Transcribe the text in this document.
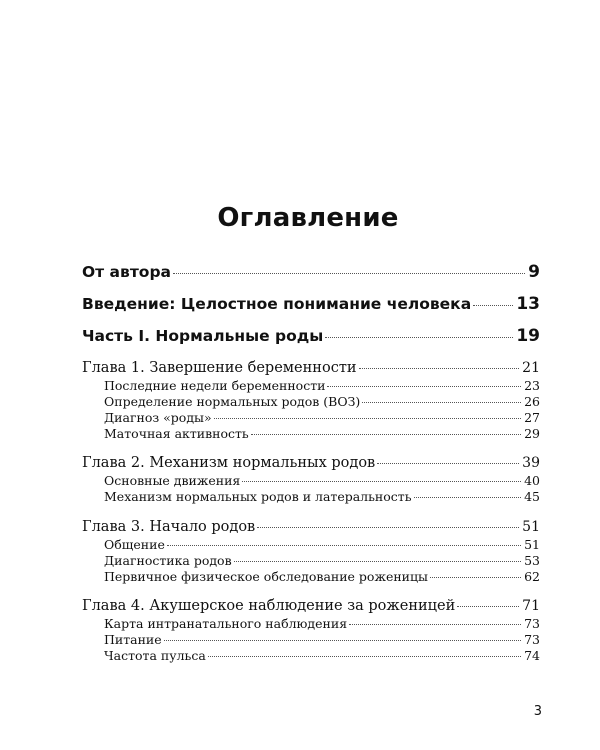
Оглавление
От автора	9
Введение: Целостное понимание человека	13
Часть I. Нормальные роды	19
Глава 1. Завершение беременности	21
Последние недели беременности	23
Определение нормальных родов (ВОЗ)	26
Диагноз «роды»	27
Маточная активность	29
Глава 2. Механизм нормальных родов	39
Основные движения	40
Механизм нормальных родов и латеральность	45
Глава 3. Начало родов	51
Общение	51
Диагностика родов	53
Первичное физическое обследование роженицы	62
Глава 4. Акушерское наблюдение за роженицей	71
Карта интранатального наблюдения	73
Питание	73
Частота пульса	74
3
